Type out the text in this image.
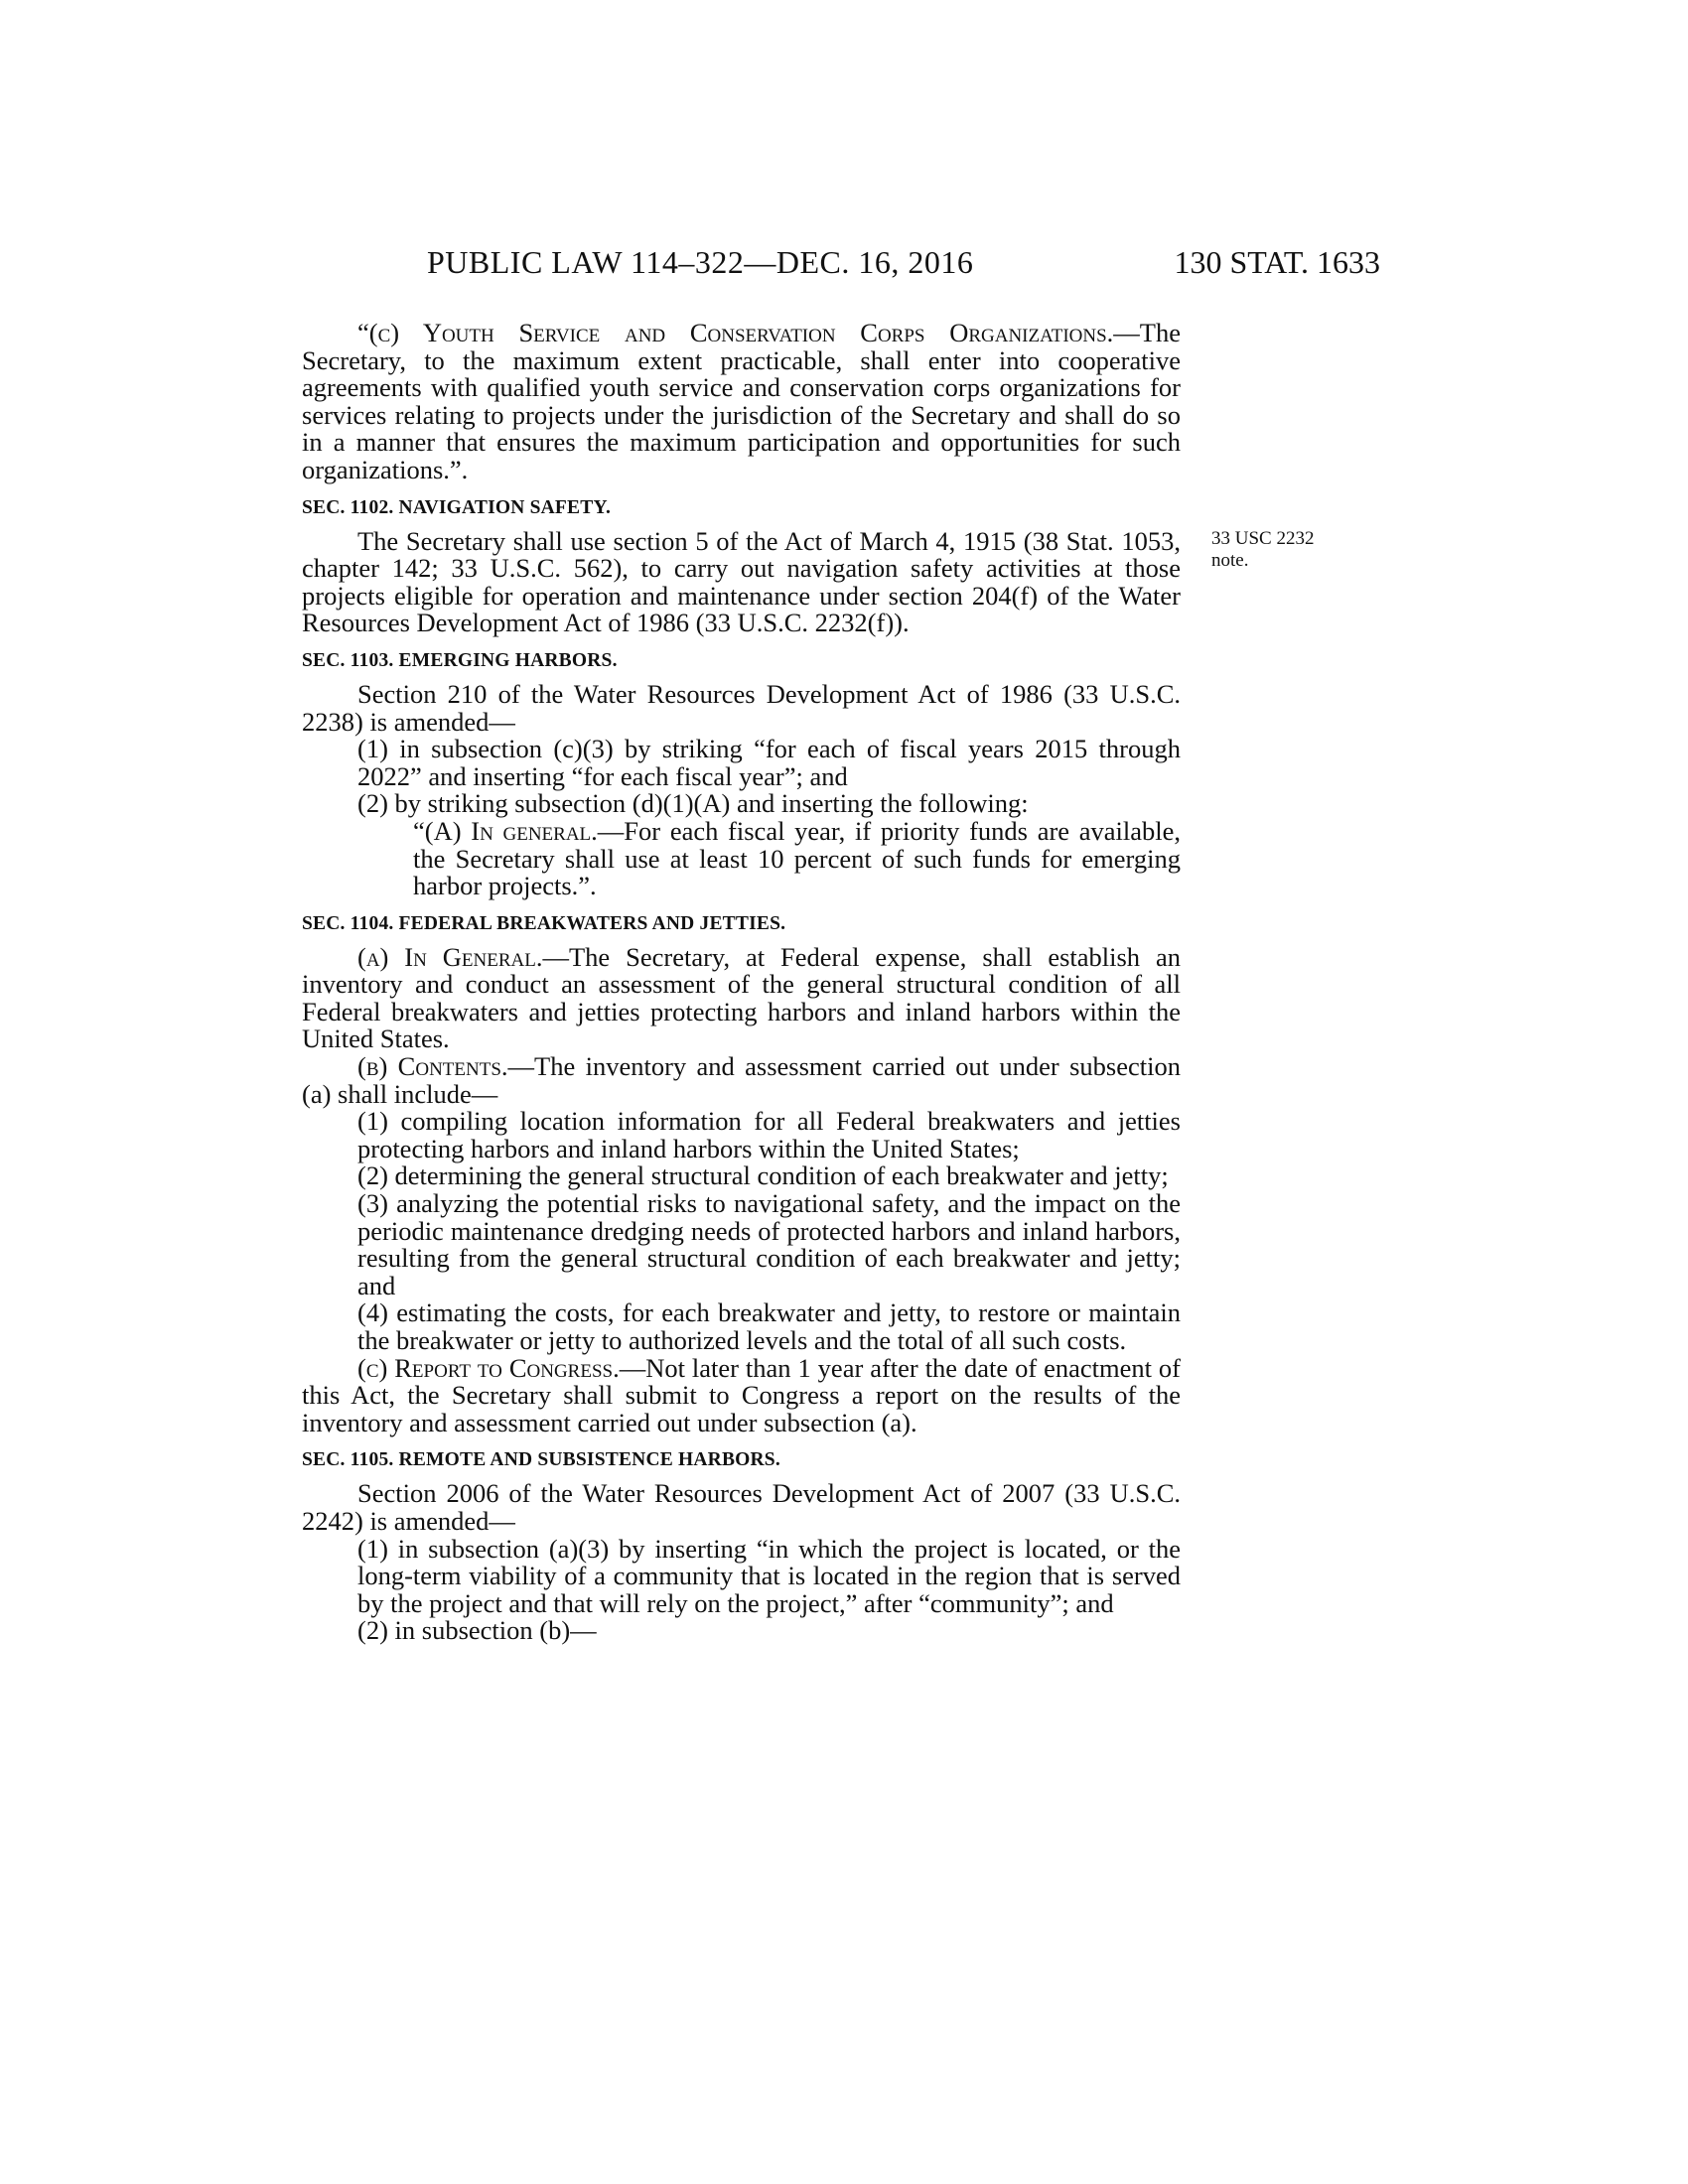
PUBLIC LAW 114–322—DEC. 16, 2016	130 STAT. 1633
33 USC 2232
note.

“(c) Youth Service and Conservation Corps Organizations.—The Secretary, to the maximum extent practicable, shall enter into cooperative agreements with qualified youth service and conservation corps organizations for services relating to projects under the jurisdiction of the Secretary and shall do so in a manner that ensures the maximum participation and opportunities for such organizations.”.

SEC. 1102. NAVIGATION SAFETY.

The Secretary shall use section 5 of the Act of March 4, 1915 (38 Stat. 1053, chapter 142; 33 U.S.C. 562), to carry out navigation safety activities at those projects eligible for operation and maintenance under section 204(f) of the Water Resources Development Act of 1986 (33 U.S.C. 2232(f)).

SEC. 1103. EMERGING HARBORS.

Section 210 of the Water Resources Development Act of 1986 (33 U.S.C. 2238) is amended—

(1) in subsection (c)(3) by striking “for each of fiscal years 2015 through 2022” and inserting “for each fiscal year”; and

(2) by striking subsection (d)(1)(A) and inserting the following:

“(A) In general.—For each fiscal year, if priority funds are available, the Secretary shall use at least 10 percent of such funds for emerging harbor projects.”.

SEC. 1104. FEDERAL BREAKWATERS AND JETTIES.

(a) In General.—The Secretary, at Federal expense, shall establish an inventory and conduct an assessment of the general structural condition of all Federal breakwaters and jetties protecting harbors and inland harbors within the United States.

(b) Contents.—The inventory and assessment carried out under subsection (a) shall include—

(1) compiling location information for all Federal breakwaters and jetties protecting harbors and inland harbors within the United States;

(2) determining the general structural condition of each breakwater and jetty;

(3) analyzing the potential risks to navigational safety, and the impact on the periodic maintenance dredging needs of protected harbors and inland harbors, resulting from the general structural condition of each breakwater and jetty; and

(4) estimating the costs, for each breakwater and jetty, to restore or maintain the breakwater or jetty to authorized levels and the total of all such costs.

(c) Report to Congress.—Not later than 1 year after the date of enactment of this Act, the Secretary shall submit to Congress a report on the results of the inventory and assessment carried out under subsection (a).

SEC. 1105. REMOTE AND SUBSISTENCE HARBORS.

Section 2006 of the Water Resources Development Act of 2007 (33 U.S.C. 2242) is amended—

(1) in subsection (a)(3) by inserting “in which the project is located, or the long-term viability of a community that is located in the region that is served by the project and that will rely on the project,” after “community”; and

(2) in subsection (b)—
